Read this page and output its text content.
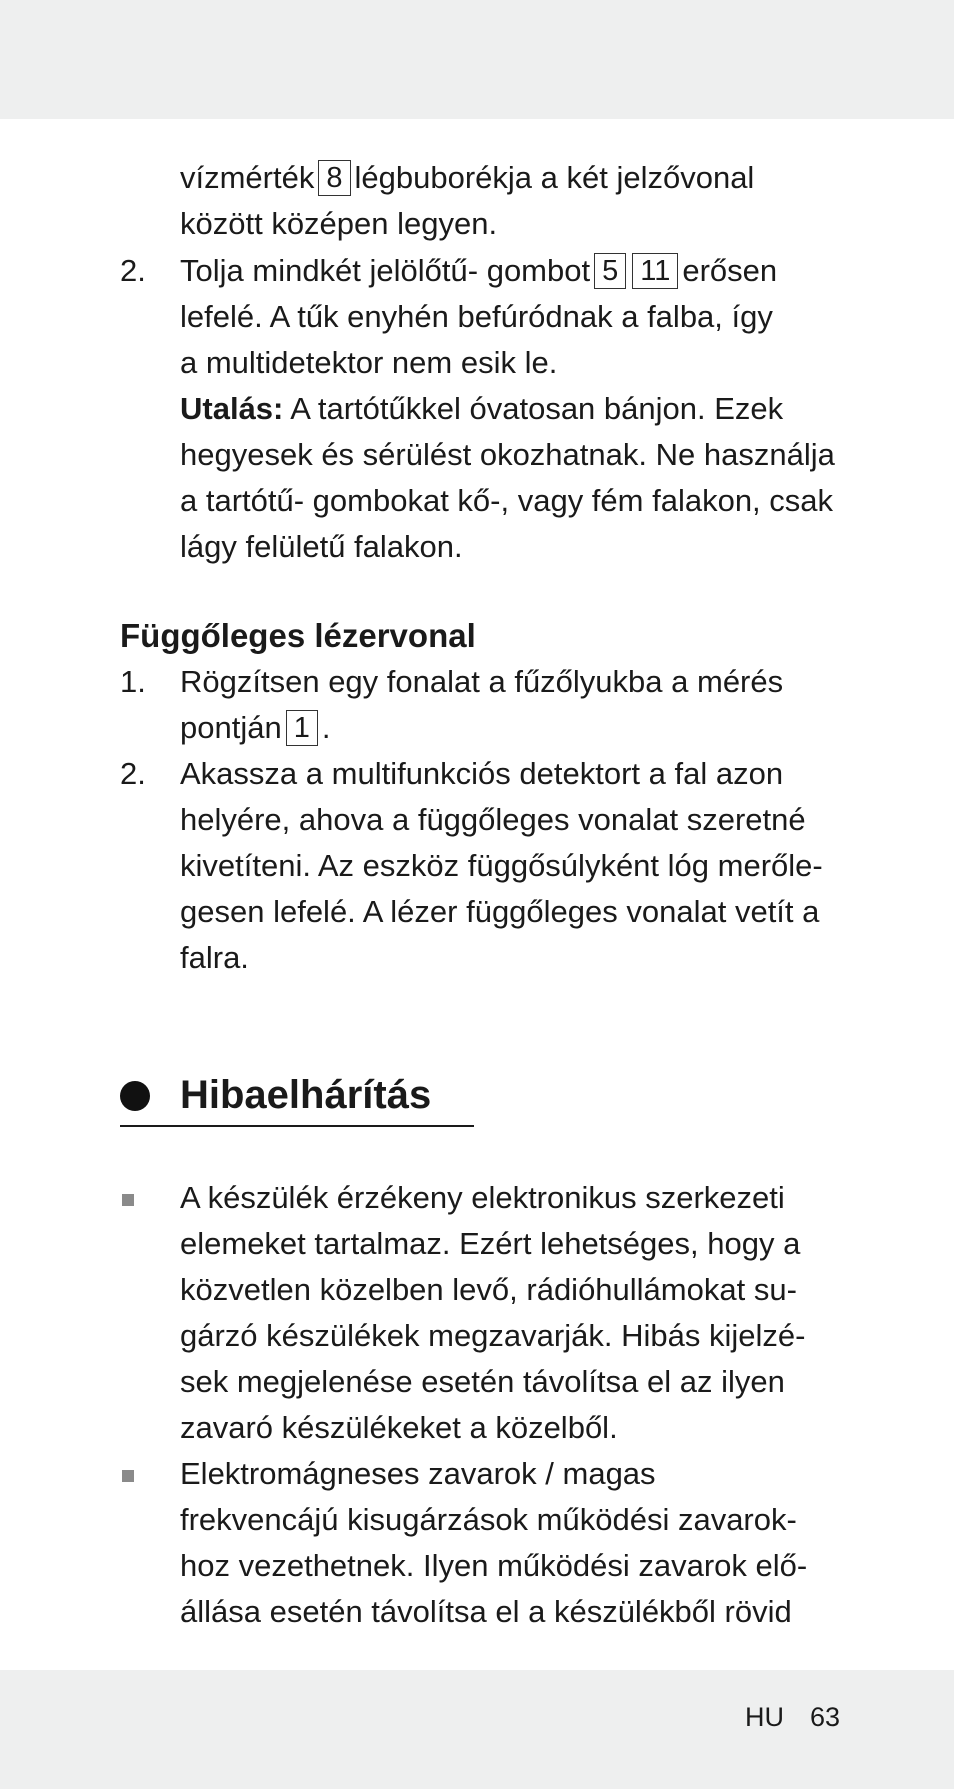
vízmérték 8 légbuborékja a két jelzővonal
között középen legyen.
2. Tolja mindkét jelölőtű- gombot 5 11 erősen
lefelé. A tűk enyhén befúródnak a falba, így
a multidetektor nem esik le.
Utalás: A tartótűkkel óvatosan bánjon. Ezek
hegyesek és sérülést okozhatnak. Ne használja
a tartótű- gombokat kő-, vagy fém falakon, csak
lágy felületű falakon.
Függőleges lézervonal
1. Rögzítsen egy fonalat a fűzőlyukba a mérés
pontján 1 .
2. Akassza a multifunkciós detektort a fal azon
helyére, ahova a függőleges vonalat szeretné
kivetíteni. Az eszköz függősúlyként lóg merőle-
gesen lefelé. A lézer függőleges vonalat vetít a
falra.
Hibaelhárítás
A készülék érzékeny elektronikus szerkezeti
elemeket tartalmaz. Ezért lehetséges, hogy a
közvetlen közelben levő, rádióhullámokat su-
gárzó készülékek megzavarják. Hibás kijelzé-
sek megjelenése esetén távolítsa el az ilyen
zavaró készülékeket a közelből.
Elektromágneses zavarok / magas
frekvencájú kisugárzások működési zavarok-
hoz vezethetnek. Ilyen működési zavarok elő-
állása esetén távolítsa el a készülékből rövid
HU 63
